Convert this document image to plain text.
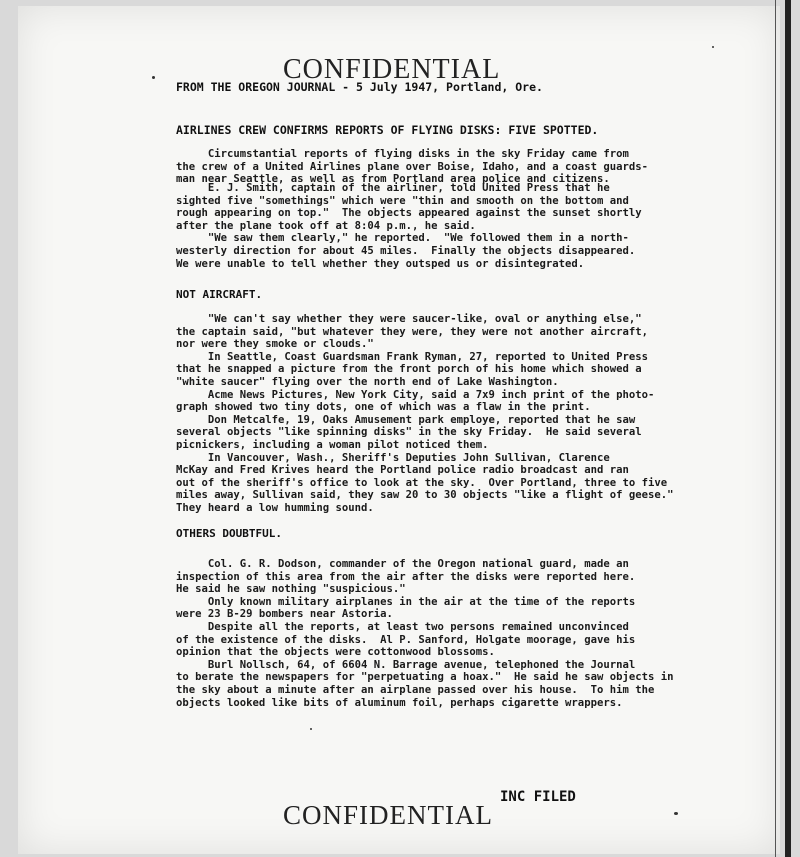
CONFIDENTIAL
FROM THE OREGON JOURNAL - 5 July 1947, Portland, Ore.
AIRLINES CREW CONFIRMS REPORTS OF FLYING DISKS: FIVE SPOTTED.
Circumstantial reports of flying disks in the sky Friday came from
the crew of a United Airlines plane over Boise, Idaho, and a coast guards-
man near Seattle, as well as from Portland area police and citizens.
E. J. Smith, captain of the airliner, told United Press that he
sighted five "somethings" which were "thin and smooth on the bottom and
rough appearing on top."  The objects appeared against the sunset shortly
after the plane took off at 8:04 p.m., he said.
"We saw them clearly," he reported.  "We followed them in a north-
westerly direction for about 45 miles.  Finally the objects disappeared.
We were unable to tell whether they outsped us or disintegrated.
NOT AIRCRAFT.
"We can't say whether they were saucer-like, oval or anything else,"
the captain said, "but whatever they were, they were not another aircraft,
nor were they smoke or clouds."
In Seattle, Coast Guardsman Frank Ryman, 27, reported to United Press
that he snapped a picture from the front porch of his home which showed a
"white saucer" flying over the north end of Lake Washington.
Acme News Pictures, New York City, said a 7x9 inch print of the photo-
graph showed two tiny dots, one of which was a flaw in the print.
Don Metcalfe, 19, Oaks Amusement park employe, reported that he saw
several objects "like spinning disks" in the sky Friday.  He said several
picnickers, including a woman pilot noticed them.
In Vancouver, Wash., Sheriff's Deputies John Sullivan, Clarence
McKay and Fred Krives heard the Portland police radio broadcast and ran
out of the sheriff's office to look at the sky.  Over Portland, three to five
miles away, Sullivan said, they saw 20 to 30 objects "like a flight of geese."
They heard a low humming sound.
OTHERS DOUBTFUL.
Col. G. R. Dodson, commander of the Oregon national guard, made an
inspection of this area from the air after the disks were reported here.
He said he saw nothing "suspicious."
Only known military airplanes in the air at the time of the reports
were 23 B-29 bombers near Astoria.
Despite all the reports, at least two persons remained unconvinced
of the existence of the disks.  Al P. Sanford, Holgate moorage, gave his
opinion that the objects were cottonwood blossoms.
Burl Nollsch, 64, of 6604 N. Barrage avenue, telephoned the Journal
to berate the newspapers for "perpetuating a hoax."  He said he saw objects in
the sky about a minute after an airplane passed over his house.  To him the
objects looked like bits of aluminum foil, perhaps cigarette wrappers.
INC FILED
CONFIDENTIAL
